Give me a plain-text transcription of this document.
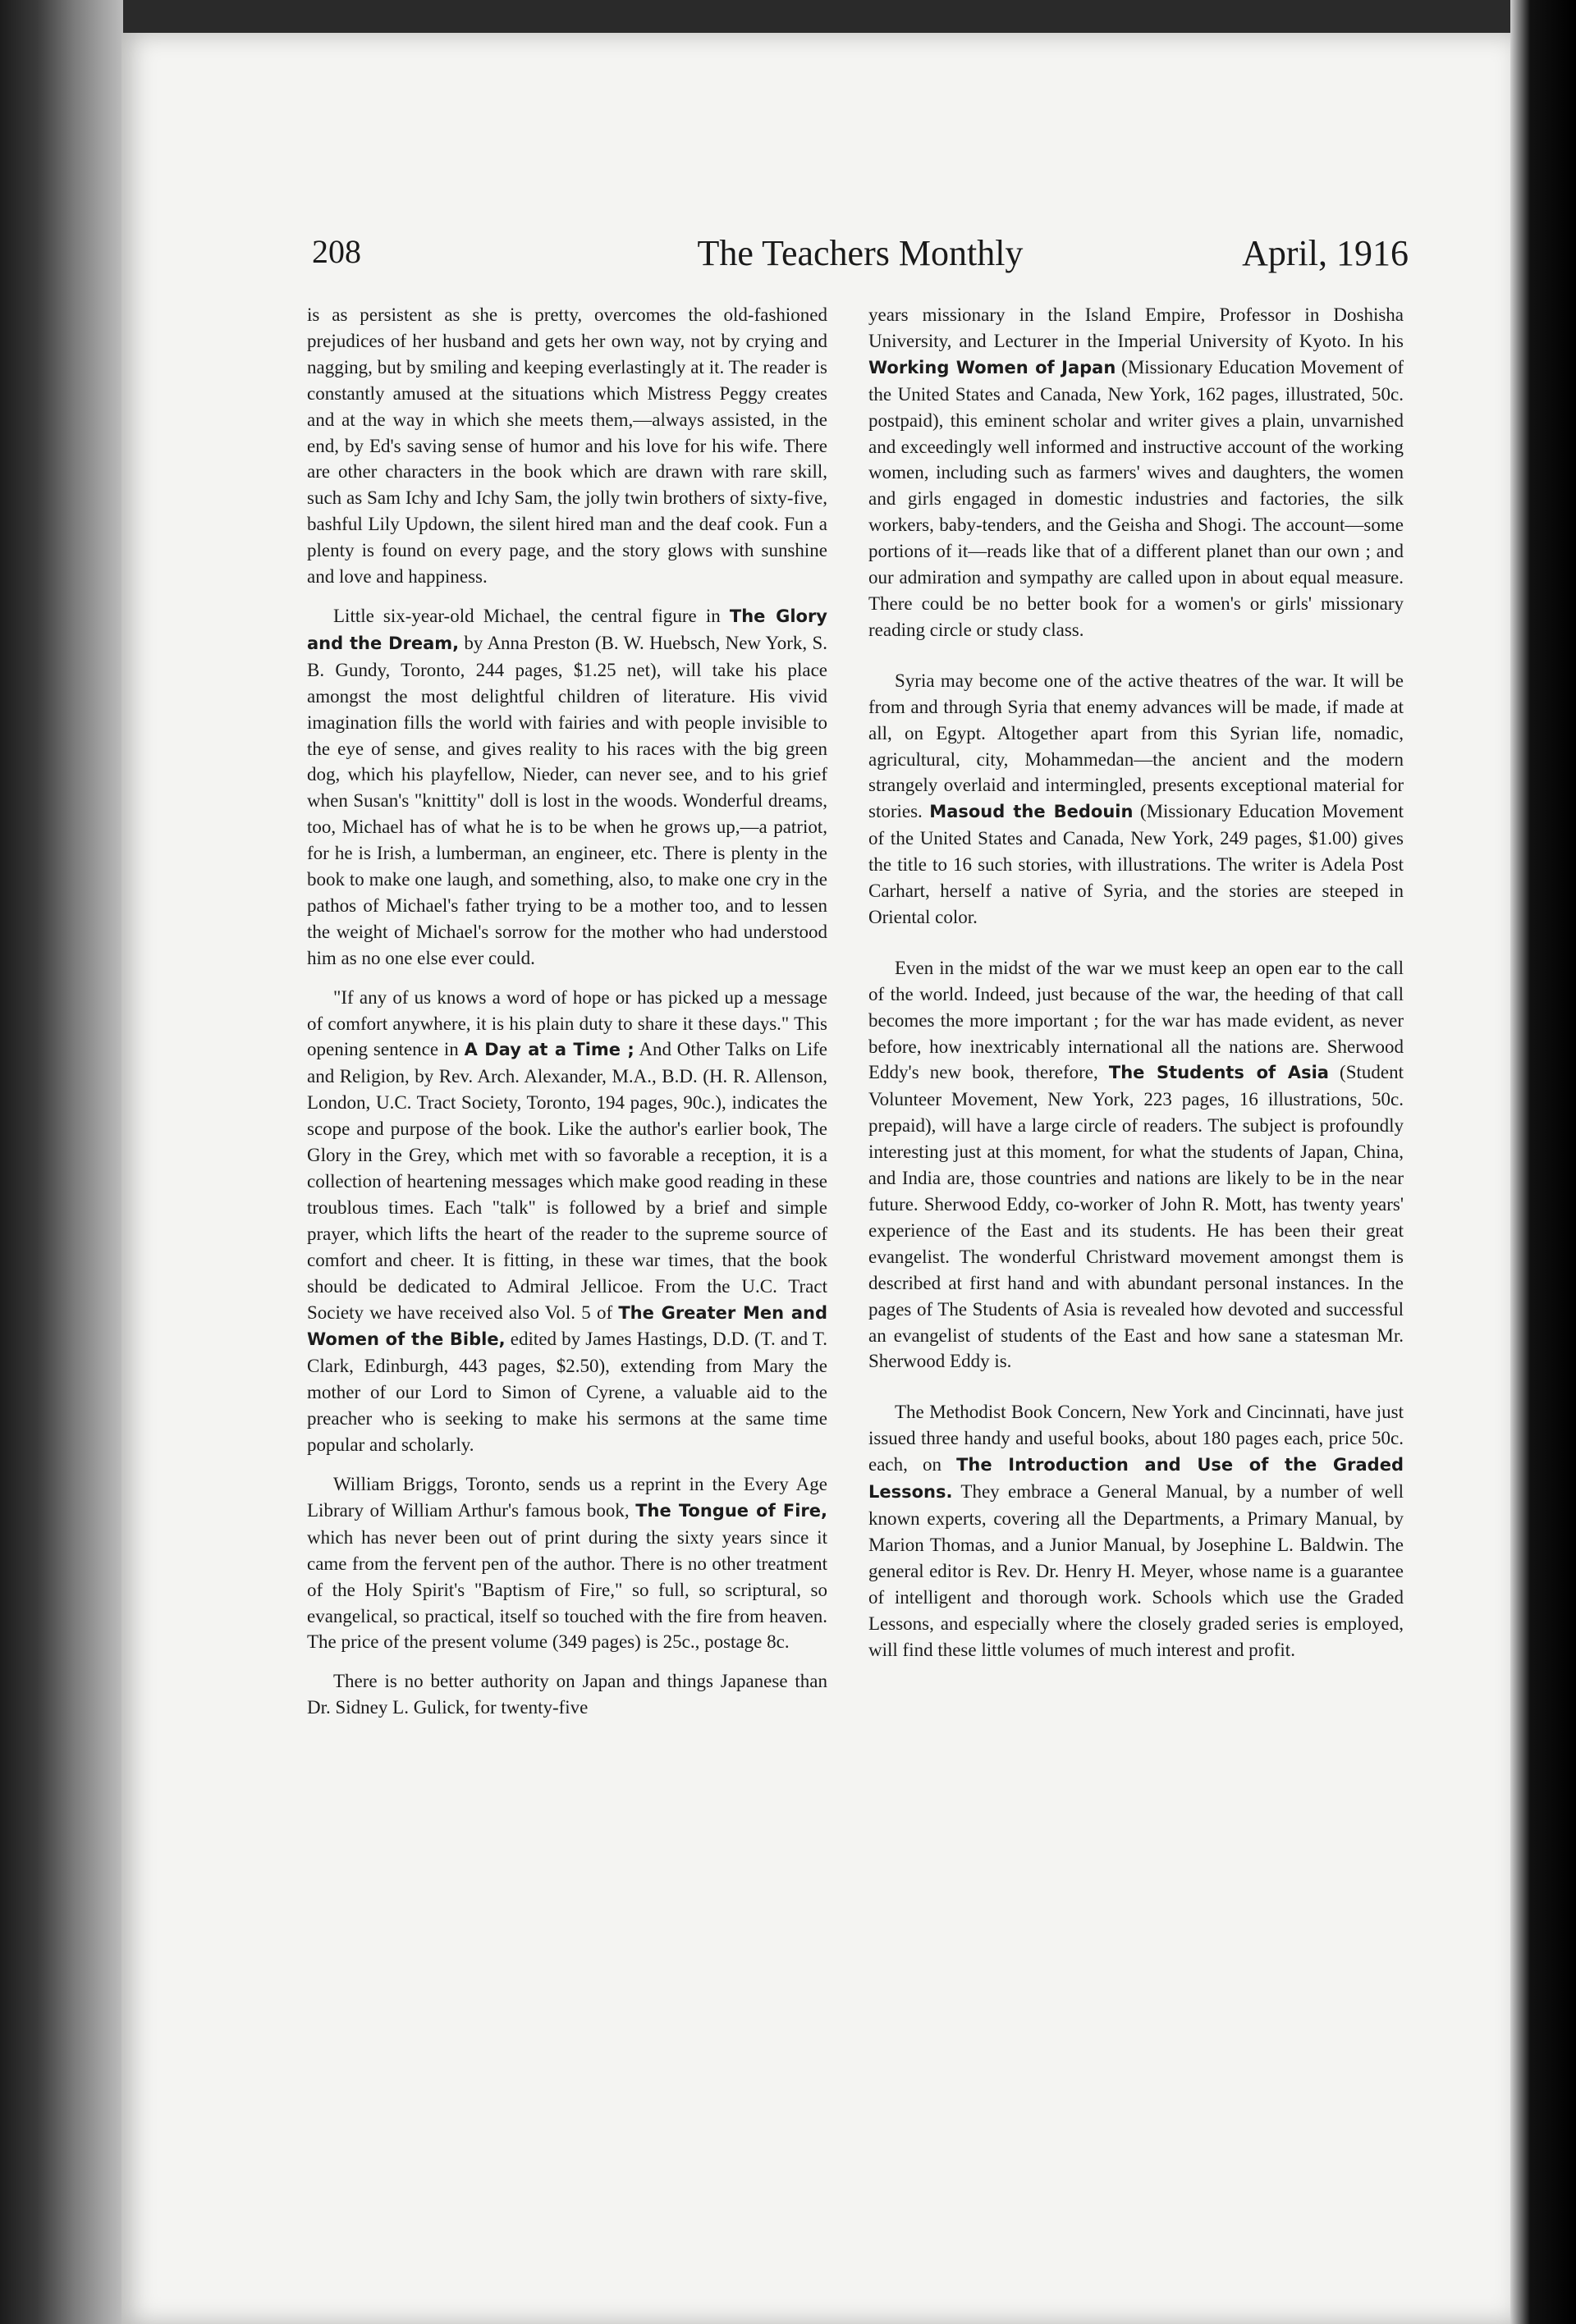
208	The Teachers Monthly	April, 1916

is as persistent as she is pretty, overcomes the old-fashioned prejudices of her husband and gets her own way, not by crying and nagging, but by smiling and keeping everlastingly at it. The reader is constantly amused at the situations which Mistress Peggy creates and at the way in which she meets them,—always assisted, in the end, by Ed's saving sense of humor and his love for his wife. There are other characters in the book which are drawn with rare skill, such as Sam Ichy and Ichy Sam, the jolly twin brothers of sixty-five, bashful Lily Updown, the silent hired man and the deaf cook. Fun a plenty is found on every page, and the story glows with sunshine and love and happiness.

Little six-year-old Michael, the central figure in The Glory and the Dream, by Anna Preston (B. W. Huebsch, New York, S. B. Gundy, Toronto, 244 pages, $1.25 net), will take his place amongst the most delightful children of literature. His vivid imagination fills the world with fairies and with people invisible to the eye of sense, and gives reality to his races with the big green dog, which his playfellow, Nieder, can never see, and to his grief when Susan's "knittity" doll is lost in the woods. Wonderful dreams, too, Michael has of what he is to be when he grows up,—a patriot, for he is Irish, a lumberman, an engineer, etc. There is plenty in the book to make one laugh, and something, also, to make one cry in the pathos of Michael's father trying to be a mother too, and to lessen the weight of Michael's sorrow for the mother who had understood him as no one else ever could.

"If any of us knows a word of hope or has picked up a message of comfort anywhere, it is his plain duty to share it these days." This opening sentence in A Day at a Time ; And Other Talks on Life and Religion, by Rev. Arch. Alexander, M.A., B.D. (H. R. Allenson, London, U.C. Tract Society, Toronto, 194 pages, 90c.), indicates the scope and purpose of the book. Like the author's earlier book, The Glory in the Grey, which met with so favorable a reception, it is a collection of heartening messages which make good reading in these troublous times. Each "talk" is followed by a brief and simple prayer, which lifts the heart of the reader to the supreme source of comfort and cheer. It is fitting, in these war times, that the book should be dedicated to Admiral Jellicoe. From the U.C. Tract Society we have received also Vol. 5 of The Greater Men and Women of the Bible, edited by James Hastings, D.D. (T. and T. Clark, Edinburgh, 443 pages, $2.50), extending from Mary the mother of our Lord to Simon of Cyrene, a valuable aid to the preacher who is seeking to make his sermons at the same time popular and scholarly.

William Briggs, Toronto, sends us a reprint in the Every Age Library of William Arthur's famous book, The Tongue of Fire, which has never been out of print during the sixty years since it came from the fervent pen of the author. There is no other treatment of the Holy Spirit's "Baptism of Fire," so full, so scriptural, so evangelical, so practical, itself so touched with the fire from heaven. The price of the present volume (349 pages) is 25c., postage 8c.

There is no better authority on Japan and things Japanese than Dr. Sidney L. Gulick, for twenty-five

years missionary in the Island Empire, Professor in Doshisha University, and Lecturer in the Imperial University of Kyoto. In his Working Women of Japan (Missionary Education Movement of the United States and Canada, New York, 162 pages, illustrated, 50c. postpaid), this eminent scholar and writer gives a plain, unvarnished and exceedingly well informed and instructive account of the working women, including such as farmers' wives and daughters, the women and girls engaged in domestic industries and factories, the silk workers, baby-tenders, and the Geisha and Shogi. The account—some portions of it—reads like that of a different planet than our own ; and our admiration and sympathy are called upon in about equal measure. There could be no better book for a women's or girls' missionary reading circle or study class.

Syria may become one of the active theatres of the war. It will be from and through Syria that enemy advances will be made, if made at all, on Egypt. Altogether apart from this Syrian life, nomadic, agricultural, city, Mohammedan—the ancient and the modern strangely overlaid and intermingled, presents exceptional material for stories. Masoud the Bedouin (Missionary Education Movement of the United States and Canada, New York, 249 pages, $1.00) gives the title to 16 such stories, with illustrations. The writer is Adela Post Carhart, herself a native of Syria, and the stories are steeped in Oriental color.

Even in the midst of the war we must keep an open ear to the call of the world. Indeed, just because of the war, the heeding of that call becomes the more important ; for the war has made evident, as never before, how inextricably international all the nations are. Sherwood Eddy's new book, therefore, The Students of Asia (Student Volunteer Movement, New York, 223 pages, 16 illustrations, 50c. prepaid), will have a large circle of readers. The subject is profoundly interesting just at this moment, for what the students of Japan, China, and India are, those countries and nations are likely to be in the near future. Sherwood Eddy, co-worker of John R. Mott, has twenty years' experience of the East and its students. He has been their great evangelist. The wonderful Christward movement amongst them is described at first hand and with abundant personal instances. In the pages of The Students of Asia is revealed how devoted and successful an evangelist of students of the East and how sane a statesman Mr. Sherwood Eddy is.

The Methodist Book Concern, New York and Cincinnati, have just issued three handy and useful books, about 180 pages each, price 50c. each, on The Introduction and Use of the Graded Lessons. They embrace a General Manual, by a number of well known experts, covering all the Departments, a Primary Manual, by Marion Thomas, and a Junior Manual, by Josephine L. Baldwin. The general editor is Rev. Dr. Henry H. Meyer, whose name is a guarantee of intelligent and thorough work. Schools which use the Graded Lessons, and especially where the closely graded series is employed, will find these little volumes of much interest and profit.
